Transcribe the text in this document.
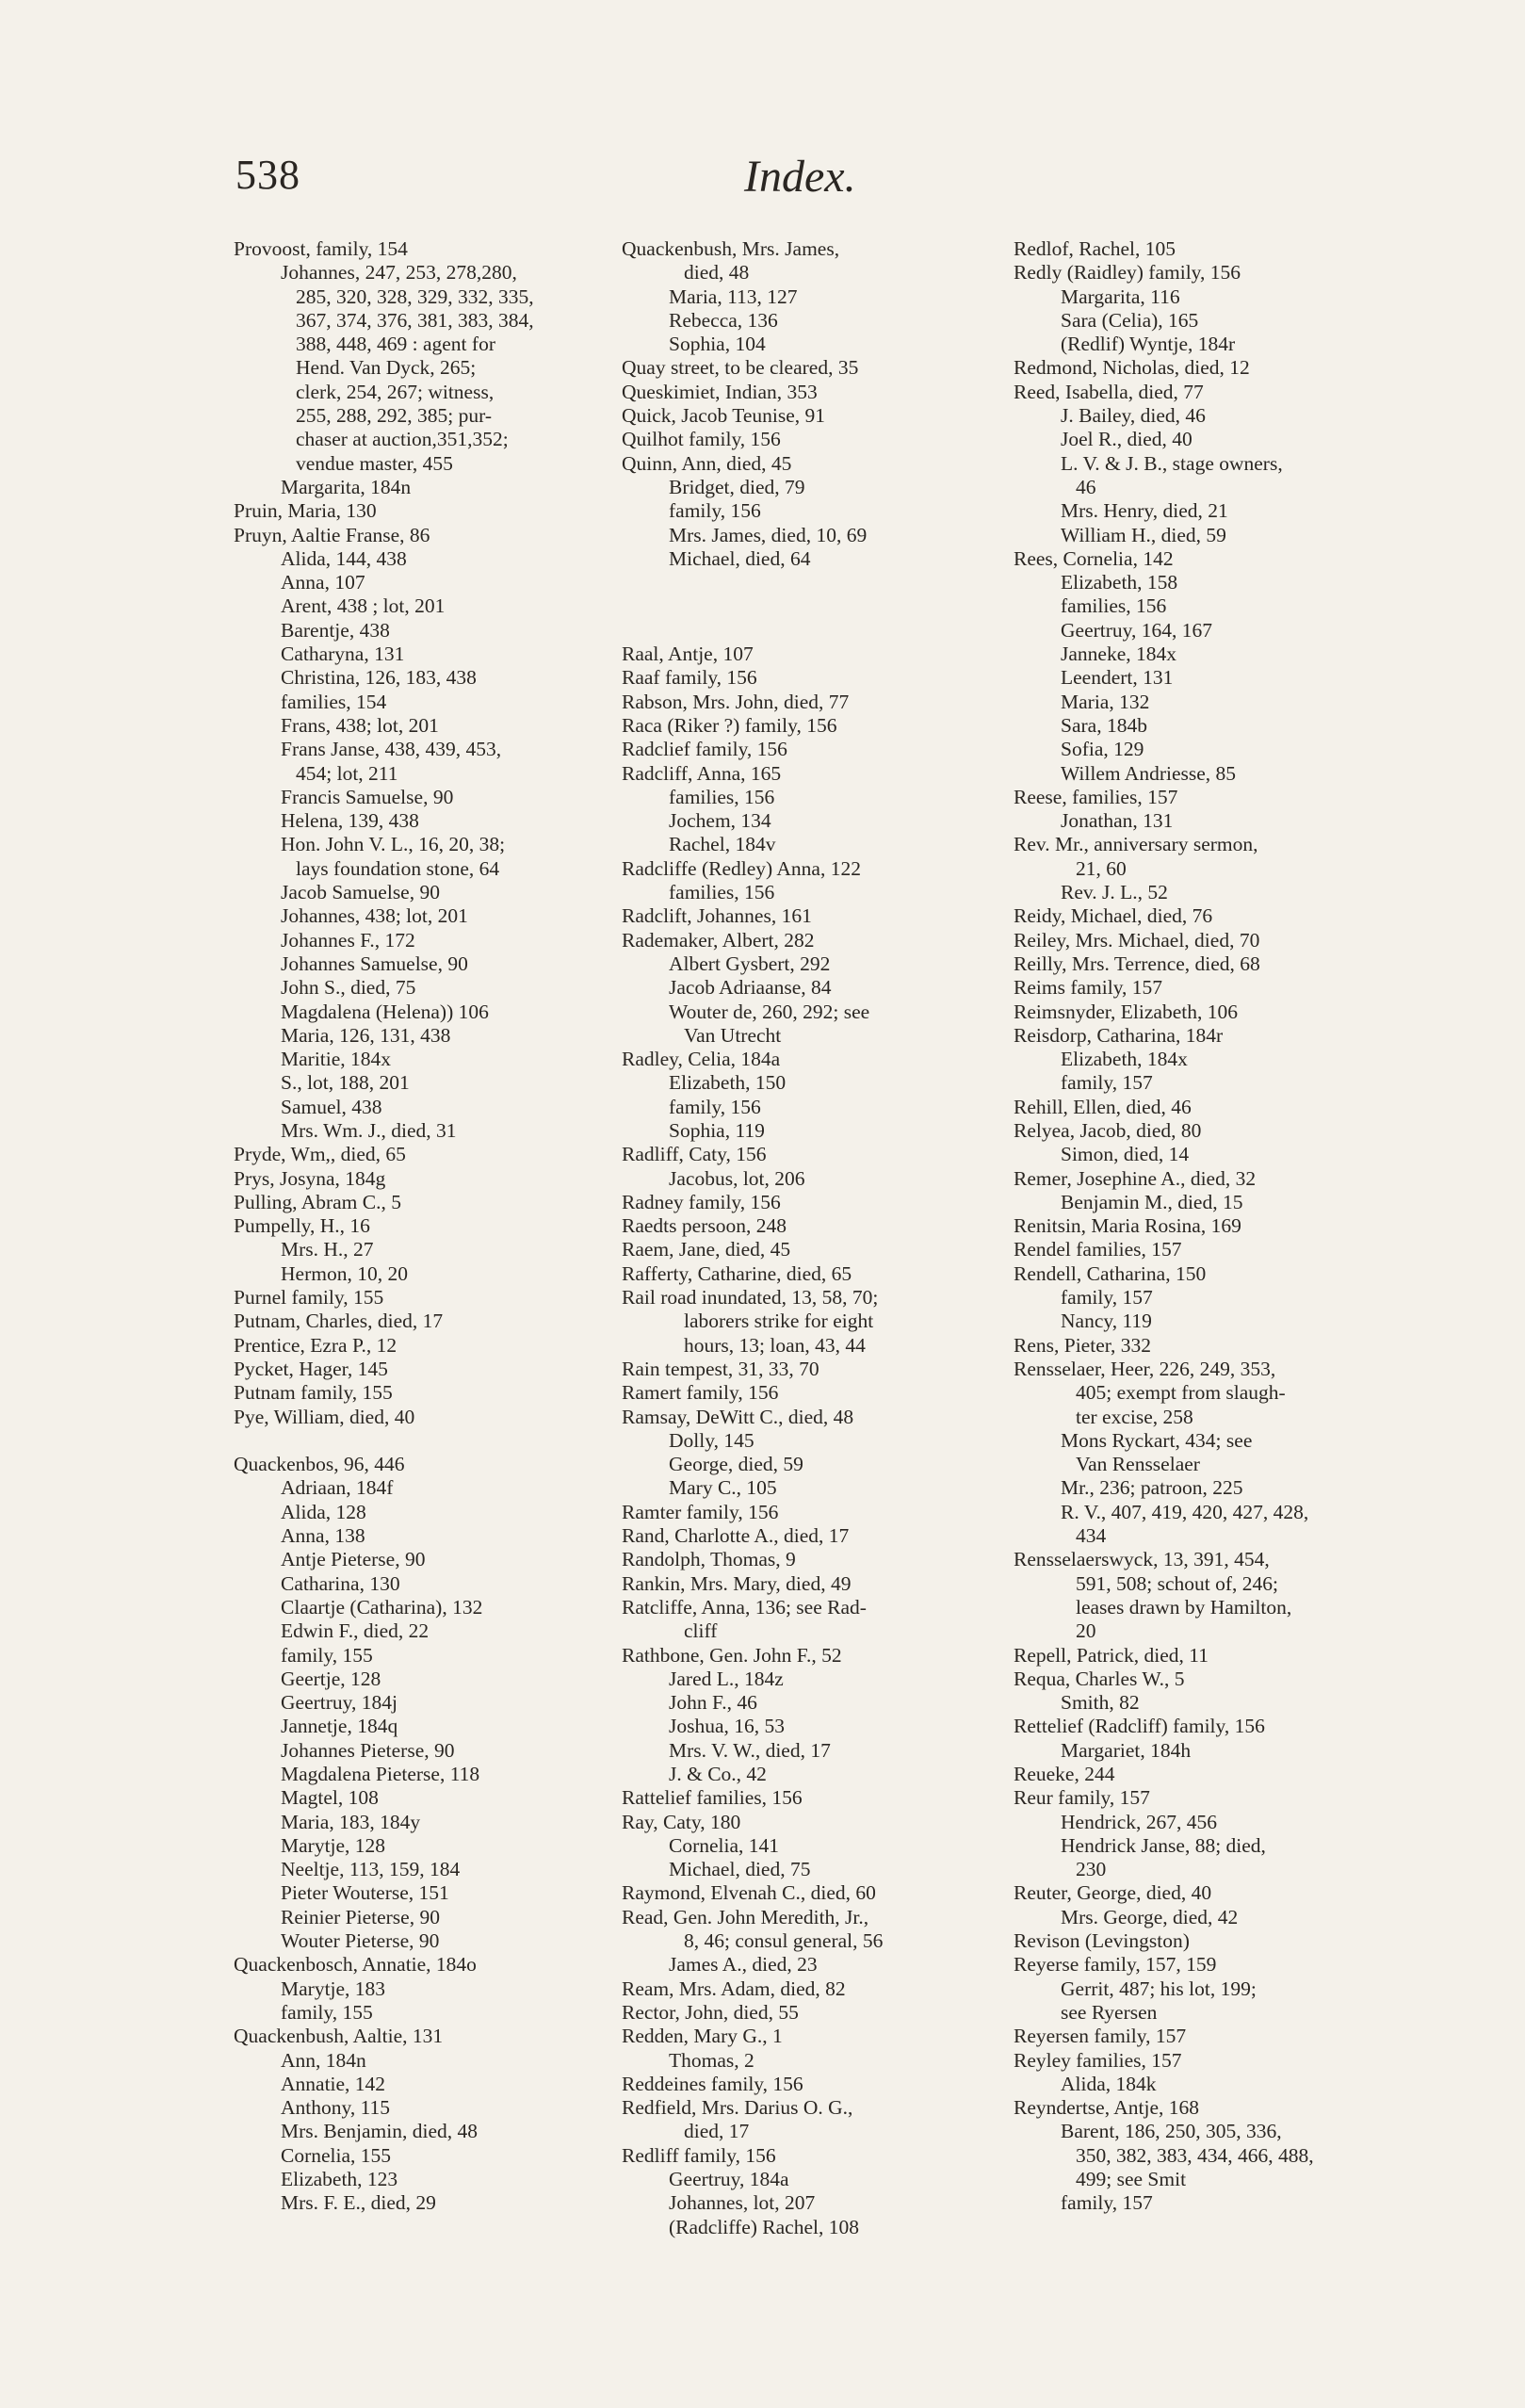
538	Index.
Provoost, family, 154
Johannes, 247, 253, 278,280,
285, 320, 328, 329, 332, 335,
367, 374, 376, 381, 383, 384,
388, 448, 469 : agent for
Hend. Van Dyck, 265;
clerk, 254, 267; witness,
255, 288, 292, 385; pur-
chaser at auction,351,352;
vendue master, 455
Margarita, 184n
Pruin, Maria, 130
Pruyn, Aaltie Franse, 86
Alida, 144, 438
Anna, 107
Arent, 438 ; lot, 201
Barentje, 438
Catharyna, 131
Christina, 126, 183, 438
families, 154
Frans, 438; lot, 201
Frans Janse, 438, 439, 453,
454; lot, 211
Francis Samuelse, 90
Helena, 139, 438
Hon. John V. L., 16, 20, 38;
lays foundation stone, 64
Jacob Samuelse, 90
Johannes, 438; lot, 201
Johannes F., 172
Johannes Samuelse, 90
John S., died, 75
Magdalena (Helena)) 106
Maria, 126, 131, 438
Maritie, 184x
S., lot, 188, 201
Samuel, 438
Mrs. Wm. J., died, 31
Pryde, Wm,, died, 65
Prys, Josyna, 184g
Pulling, Abram C., 5
Pumpelly, H., 16
Mrs. H., 27
Hermon, 10, 20
Purnel family, 155
Putnam, Charles, died, 17
Prentice, Ezra P., 12
Pycket, Hager, 145
Putnam family, 155
Pye, William, died, 40
Quackenbos, 96, 446
Adriaan, 184f
Alida, 128
Anna, 138
Antje Pieterse, 90
Catharina, 130
Claartje (Catharina), 132
Edwin F., died, 22
family, 155
Geertje, 128
Geertruy, 184j
Jannetje, 184q
Johannes Pieterse, 90
Magdalena Pieterse, 118
Magtel, 108
Maria, 183, 184y
Marytje, 128
Neeltje, 113, 159, 184
Pieter Wouterse, 151
Reinier Pieterse, 90
Wouter Pieterse, 90
Quackenbosch, Annatie, 184o
Marytje, 183
family, 155
Quackenbush, Aaltie, 131
Ann, 184n
Annatie, 142
Anthony, 115
Mrs. Benjamin, died, 48
Cornelia, 155
Elizabeth, 123
Mrs. F. E., died, 29
Quackenbush, Mrs. James,
died, 48
Maria, 113, 127
Rebecca, 136
Sophia, 104
Quay street, to be cleared, 35
Queskimiet, Indian, 353
Quick, Jacob Teunise, 91
Quilhot family, 156
Quinn, Ann, died, 45
Bridget, died, 79
family, 156
Mrs. James, died, 10, 69
Michael, died, 64
Raal, Antje, 107
Raaf family, 156
Rabson, Mrs. John, died, 77
Raca (Riker ?) family, 156
Radclief family, 156
Radcliff, Anna, 165
families, 156
Jochem, 134
Rachel, 184v
Radcliffe (Redley) Anna, 122
families, 156
Radclift, Johannes, 161
Rademaker, Albert, 282
Albert Gysbert, 292
Jacob Adriaanse, 84
Wouter de, 260, 292; see
Van Utrecht
Radley, Celia, 184a
Elizabeth, 150
family, 156
Sophia, 119
Radliff, Caty, 156
Jacobus, lot, 206
Radney family, 156
Raedts persoon, 248
Raem, Jane, died, 45
Rafferty, Catharine, died, 65
Rail road inundated, 13, 58, 70;
laborers strike for eight
hours, 13; loan, 43, 44
Rain tempest, 31, 33, 70
Ramert family, 156
Ramsay, DeWitt C., died, 48
Dolly, 145
George, died, 59
Mary C., 105
Ramter family, 156
Rand, Charlotte A., died, 17
Randolph, Thomas, 9
Rankin, Mrs. Mary, died, 49
Ratcliffe, Anna, 136; see Rad-
cliff
Rathbone, Gen. John F., 52
Jared L., 184z
John F., 46
Joshua, 16, 53
Mrs. V. W., died, 17
J. & Co., 42
Rattelief families, 156
Ray, Caty, 180
Cornelia, 141
Michael, died, 75
Raymond, Elvenah C., died, 60
Read, Gen. John Meredith, Jr.,
8, 46; consul general, 56
James A., died, 23
Ream, Mrs. Adam, died, 82
Rector, John, died, 55
Redden, Mary G., 1
Thomas, 2
Reddeines family, 156
Redfield, Mrs. Darius O. G.,
died, 17
Redliff family, 156
Geertruy, 184a
Johannes, lot, 207
(Radcliffe) Rachel, 108
Redlof, Rachel, 105
Redly (Raidley) family, 156
Margarita, 116
Sara (Celia), 165
(Redlif) Wyntje, 184r
Redmond, Nicholas, died, 12
Reed, Isabella, died, 77
J. Bailey, died, 46
Joel R., died, 40
L. V. & J. B., stage owners,
46
Mrs. Henry, died, 21
William H., died, 59
Rees, Cornelia, 142
Elizabeth, 158
families, 156
Geertruy, 164, 167
Janneke, 184x
Leendert, 131
Maria, 132
Sara, 184b
Sofia, 129
Willem Andriesse, 85
Reese, families, 157
Jonathan, 131
Rev. Mr., anniversary sermon,
21, 60
Rev. J. L., 52
Reidy, Michael, died, 76
Reiley, Mrs. Michael, died, 70
Reilly, Mrs. Terrence, died, 68
Reims family, 157
Reimsnyder, Elizabeth, 106
Reisdorp, Catharina, 184r
Elizabeth, 184x
family, 157
Rehill, Ellen, died, 46
Relyea, Jacob, died, 80
Simon, died, 14
Remer, Josephine A., died, 32
Benjamin M., died, 15
Renitsin, Maria Rosina, 169
Rendel families, 157
Rendell, Catharina, 150
family, 157
Nancy, 119
Rens, Pieter, 332
Rensselaer, Heer, 226, 249, 353,
405; exempt from slaugh-
ter excise, 258
Mons Ryckart, 434; see
Van Rensselaer
Mr., 236; patroon, 225
R. V., 407, 419, 420, 427, 428,
434
Rensselaerswyck, 13, 391, 454,
591, 508; schout of, 246;
leases drawn by Hamilton,
20
Repell, Patrick, died, 11
Requa, Charles W., 5
Smith, 82
Rettelief (Radcliff) family, 156
Margariet, 184h
Reueke, 244
Reur family, 157
Hendrick, 267, 456
Hendrick Janse, 88; died,
230
Reuter, George, died, 40
Mrs. George, died, 42
Revison (Levingston)
Reyerse family, 157, 159
Gerrit, 487; his lot, 199;
see Ryersen
Reyersen family, 157
Reyley families, 157
Alida, 184k
Reyndertse, Antje, 168
Barent, 186, 250, 305, 336,
350, 382, 383, 434, 466, 488,
499; see Smit
family, 157
